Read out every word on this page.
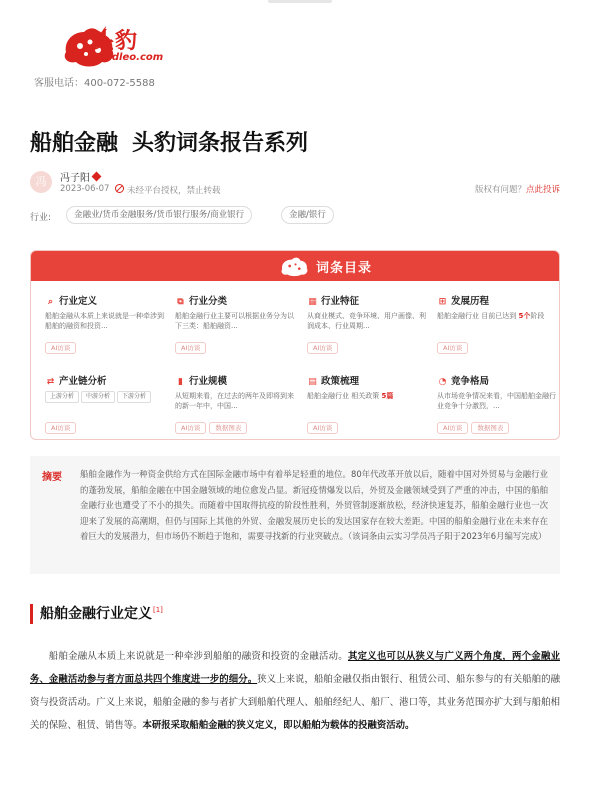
头豹
Leadleo.com
客服电话：400-072-5588
船舶金融 头豹词条报告系列
冯	冯子阳
2023-06-07 未经平台授权，禁止转载	版权有问题？点此投诉
行业:	金融业/货币金融服务/货币银行服务/商业银行	金融/银行
词条目录
⌕ 行业定义
船舶金融从本质上来说就是一种牵涉到船舶的融资和投资...
AI访谈
⧉ 行业分类
船舶金融行业主要可以根据业务分为以下三类：船舶融资...
AI访谈
▦ 行业特征
从商业模式、竞争环境、用户画像、利润成本、行业周期...
AI访谈
⊞ 发展历程
船舶金融行业 目前已达到 5个阶段
AI访谈
⇄ 产业链分析
上游分析 中游分析 下游分析
AI访谈
▮ 行业规模
从短期来看，在过去的两年及即将到来的新一年中，中国...
AI访谈 数据图表
▤ 政策梳理
船舶金融行业 相关政策 5篇
AI访谈
◔ 竞争格局
从市场竞争情况来看，中国船舶金融行业竞争十分激烈，...
AI访谈 数据图表
摘要 船舶金融作为一种资金供给方式在国际金融市场中有着举足轻重的地位。80年代改革开放以后，随着中国对外贸易与金融行业的蓬勃发展，船舶金融在中国金融领域的地位愈发凸显。新冠疫情爆发以后，外贸及金融领域受到了严重的冲击，中国的船舶金融行业也遭受了不小的损失。而随着中国取得抗疫的阶段性胜利，外贸管制逐渐放松，经济快速复苏，船舶金融行业也一次迎来了发展的高潮期，但仍与国际上其他的外贸、金融发展历史长的发达国家存在较大差距。中国的船舶金融行业在未来存在着巨大的发展潜力，但市场仍不断趋于饱和，需要寻找新的行业突破点。（该词条由云实习学员冯子阳于2023年6月编写完成）
船舶金融行业定义[1]

船舶金融从本质上来说就是一种牵涉到船舶的融资和投资的金融活动。其定义也可以从狭义与广义两个角度，两个金融业务、金融活动参与者方面总共四个维度进一步的细分。狭义上来说，船舶金融仅指由银行、租赁公司、船东参与的有关船舶的融资与投资活动。广义上来说，船舶金融的参与者扩大到船舶代理人、船舶经纪人、船厂、港口等，其业务范围亦扩大到与船舶相关的保险、租赁、销售等。本研报采取船舶金融的狭义定义，即以船舶为载体的投融资活动。
